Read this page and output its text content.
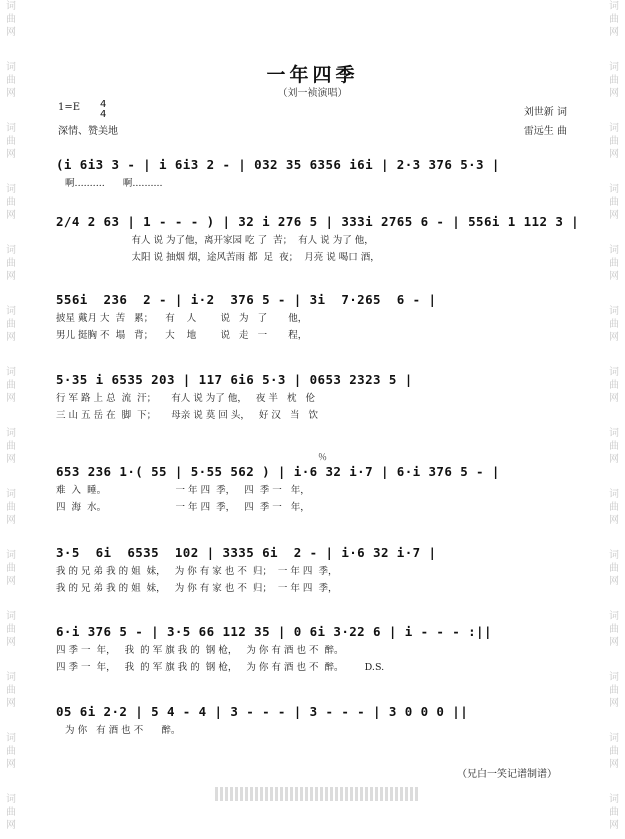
词
曲
网
词
曲
网
词
曲
网
词
曲
网
词
曲
网
词
曲
网
词
曲
网
词
曲
网
词
曲
网
词
曲
网
词
曲
网
词
曲
网
词
曲
网
词
曲
网
词
曲
网
词
曲
网
词
曲
网
词
曲
网
词
曲
网
词
曲
网
词
曲
网
词
曲
网
词
曲
网
词
曲
网
词
曲
网
词
曲
网
词
曲
网
词
曲
网
一年四季
（刘一祯演唱）
1=E 4
4
深情、赞美地
刘世新 词
雷远生 曲
(i 6i3 3 - | i 6i3 2 - | 032 35 6356 i6i | 2·3 376 5·3 |
啊..........      啊..........
2/4 2 63 | 1 - - - ) | 32 i 276 5 | 333i 2765 6 - | 556i 1 112 3 |
有人 说 为了他，离开家园 吃 了  苦；  有人 说 为了 他，
太阳 说 抽烟 烟，途风苦雨 都  足  夜；  月亮 说 喝口 酒，
556i  236  2 - | i·2  376 5 - | 3i  7·265  6 - |
披星 戴月 大  苦   累；    有    人        说   为   了       他，
男儿 挺胸 不  塌   背；    大    地        说   走   一       程，
5·35 i 6535 203 | 117 6i6 5·3 | 0653 2323 5 |
行 军 路 上 总  流  汗；     有人 说 为了 他，   夜 半   枕   伦
三 山 五 岳 在  脚  下；     母亲 说 莫 回 头，   好 汉   当   饮
％
653 236 1·( 55 | 5·55 562 ) | i·6 32 i·7 | 6·i 376 5 - |
难  入  睡。                       一 年 四  季，   四  季 一   年，
四  海  水。                       一 年 四  季，   四  季 一   年，
3·5  6i  6535  102 | 3335 6i  2 - | i·6 32 i·7 |
我 的 兄 弟 我 的 姐  妹，   为 你 有 家 也 不  归；  一 年 四  季，
我 的 兄 弟 我 的 姐  妹，   为 你 有 家 也 不  归；  一 年 四  季，
6·i 376 5 - | 3·5 66 112 35 | 0 6i 3·22 6 | i - - - :||
四 季 一  年，   我  的 军 旗 我 的  钢 枪，   为 你 有 酒 也 不  醉。
四 季 一  年，   我  的 军 旗 我 的  钢 枪，   为 你 有 酒 也 不  醉。       D.S.
05 6i 2·2 | 5 4 - 4 | 3 - - - | 3 - - - | 3 0 0 0 ||
为 你   有 酒 也 不      醉。
（兄白一笑记谱制谱）
